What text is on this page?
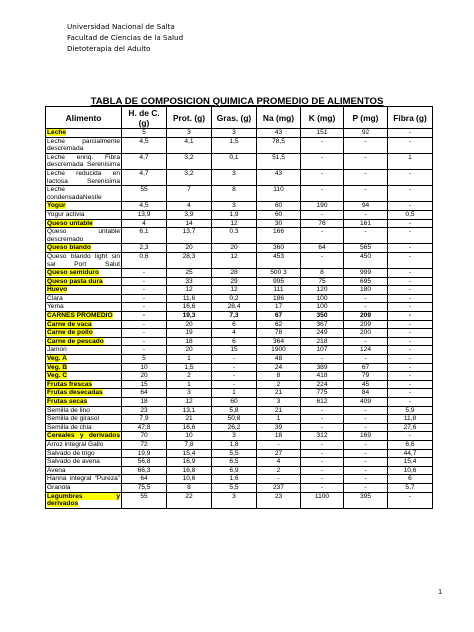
Universidad Nacional de Salta
Facultad de Ciencias de la Salud
Dietoterapia del Adulto
TABLA DE COMPOSICION QUIMICA PROMEDIO DE ALIMENTOS
Alimento	H. de C. (g)	Prot. (g)	Gras. (g)	Na (mg)	K (mg)	P (mg)	Fibra (g)
Leche	5	3	3	43	151	92	-
Leche parcialmente descremada	4,5	4,1	1,5	78,5	-	-	-
Leche enriq. Fibra descremada Serenisima	4,7	3,2	0,1	51,5	-	-	1
Leche reducida en lactosa Serenisima	4,7	3,2	3	43	-	-	-
Leche condensadaNestle	55	7	8	110	-	-	-
Yogur	4,5	4	3	60	190	94	-
Yogur activia	13,9	3,9	1,9	60	-	-	0,5
Queso untable	4	14	12	30	76	161	-
Queso untable descremado	6,1	13,7	0,3	166	-	-	-
Queso blando	2,3	20	20	360	64	565	-
Queso blando light sin sal Port Salut	0,6	28,3	12	453	-	450	-
Queso semiduro	-	25	28	500 3	8	999	-
Queso pasta dura	-	33	29	995	75	695	-
Huevo	-	12	12	111	120	180	-
Clara	-	11,6	0,2	186	100	-	-
Yema	-	16,6	28,4	17	100	-	-
CARNES PROMEDIO	-	19,3	7,3	67	350	209	-
Carne de vaca	-	20	6	62	367	209	-
Carne de pollo	-	19	4	78	249	200	-
Carne de pescado	-	18	6	364	218	-	-
Jamon	-	20	15	1900	107	124	-
Veg. A	5	1	-	48	-	-	-
Veg. B	10	1,5	-	24	389	67	-
Veg. C	20	2	-	8	418	79	-
Frutas frescas	15	1	-	2	224	45	-
Frutas desecadas	64	3	1	21	775	84	-
Frutas secas	18	12	60	3	612	409	-
Semilla de lino	23	13,1	5,8	21	-	-	5,9
Semilla de girasol	7,9	21	50,8	1	-	-	11,8
Semilla de chia	47,8	16,6	26,2	39	-	-	27,6
Cereales y derivados	70	10	3	18	312	169	-
Arroz integral Gallo	72	7,8	1,8	-	-	-	6,6
Salvado de trigo	19,9	15,4	5,5	27	-	-	44,7
Salvado de avena	56,8	16,9	6,5	4	-	-	15,4
Avena	66,3	16,8	6,9	2	-	-	10,6
Hanna integral “Pureza”	64	10,6	1,6	-	-	-	6
Granola	75,5	8	5,5	237	-	-	5,7
Legumbres y derivados	55	22	3	23	1100	395	-
1
